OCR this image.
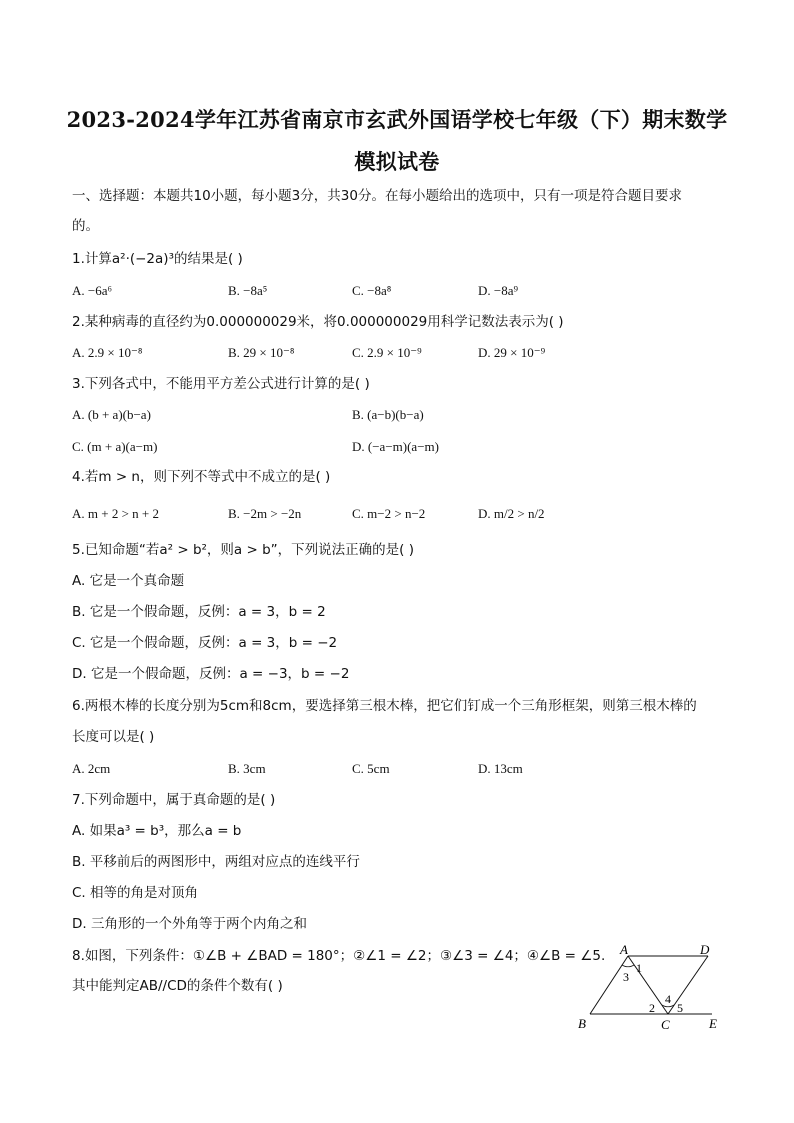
2023-2024学年江苏省南京市玄武外国语学校七年级（下）期末数学
模拟试卷
一、选择题：本题共10小题，每小题3分，共30分。在每小题给出的选项中，只有一项是符合题目要求
的。
1.计算a²·(−2a)³的结果是( )
A. −6a⁶	B. −8a⁵	C. −8a⁸	D. −8a⁹
2.某种病毒的直径约为0.000000029米，将0.000000029用科学记数法表示为( )
A. 2.9 × 10⁻⁸	B. 29 × 10⁻⁸	C. 2.9 × 10⁻⁹	D. 29 × 10⁻⁹
3.下列各式中，不能用平方差公式进行计算的是( )
A. (b + a)(b−a)	B. (a−b)(b−a)
C. (m + a)(a−m)	D. (−a−m)(a−m)
4.若m > n，则下列不等式中不成立的是( )
A. m + 2 > n + 2	B. −2m > −2n	C. m−2 > n−2	D. m/2 > n/2
5.已知命题“若a² > b²，则a > b”，下列说法正确的是( )
A. 它是一个真命题
B. 它是一个假命题，反例：a = 3，b = 2
C. 它是一个假命题，反例：a = 3，b = −2
D. 它是一个假命题，反例：a = −3，b = −2
6.两根木棒的长度分别为5cm和8cm，要选择第三根木棒，把它们钉成一个三角形框架，则第三根木棒的
长度可以是( )
A. 2cm	B. 3cm	C. 5cm	D. 13cm
7.下列命题中，属于真命题的是( )
A. 如果a³ = b³，那么a = b
B. 平移前后的两图形中，两组对应点的连线平行
C. 相等的角是对顶角
D. 三角形的一个外角等于两个内角之和
8.如图，下列条件：①∠B + ∠BAD = 180°；②∠1 = ∠2；③∠3 = ∠4；④∠B = ∠5.
其中能判定AB//CD的条件个数有( )
A	D
B	C	E
1
2
3
4
5
